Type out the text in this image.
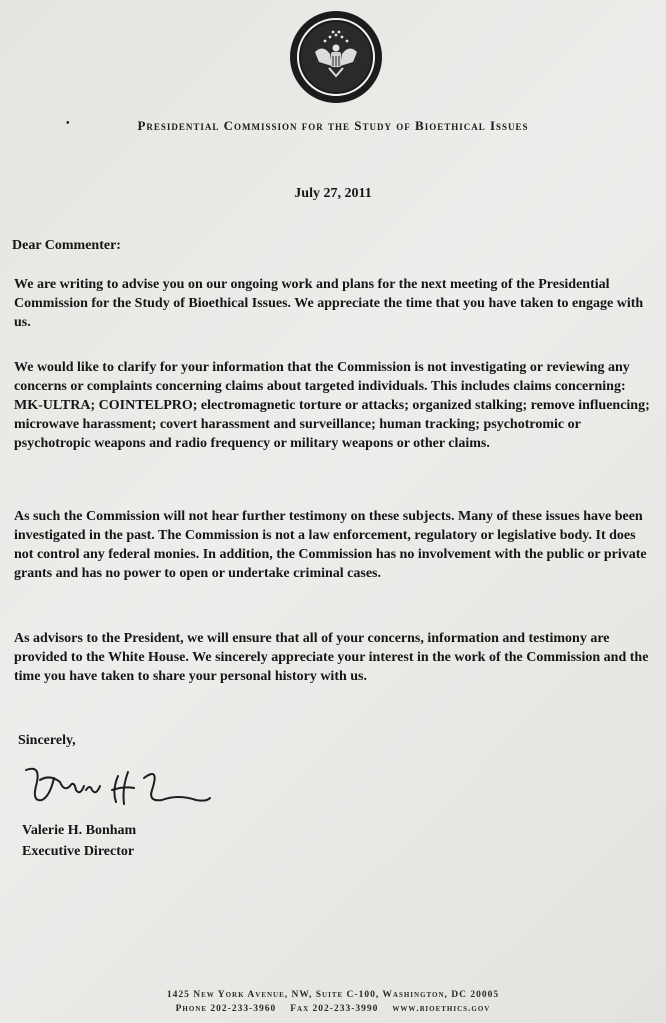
•	Presidential Commission for the Study of Bioethical Issues
July 27, 2011
Dear Commenter:

We are writing to advise you on our ongoing work and plans for the next meeting of the Presidential Commission for the Study of Bioethical Issues. We appreciate the time that you have taken to engage with us.

We would like to clarify for your information that the Commission is not investigating or reviewing any concerns or complaints concerning claims about targeted individuals. This includes claims concerning: MK-ULTRA; COINTELPRO; electromagnetic torture or attacks; organized stalking; remove influencing; microwave harassment; covert harassment and surveillance; human tracking; psychotromic or psychotropic weapons and radio frequency or military weapons or other claims.

As such the Commission will not hear further testimony on these subjects. Many of these issues have been investigated in the past. The Commission is not a law enforcement, regulatory or legislative body. It does not control any federal monies. In addition, the Commission has no involvement with the public or private grants and has no power to open or undertake criminal cases.

As advisors to the President, we will ensure that all of your concerns, information and testimony are provided to the White House. We sincerely appreciate your interest in the work of the Commission and the time you have taken to share your personal history with us.

Sincerely,
Valerie H. Bonham
Executive Director
1425 New York Avenue, NW, Suite C-100, Washington, DC 20005
Phone 202-233-3960 Fax 202-233-3990 www.bioethics.gov
